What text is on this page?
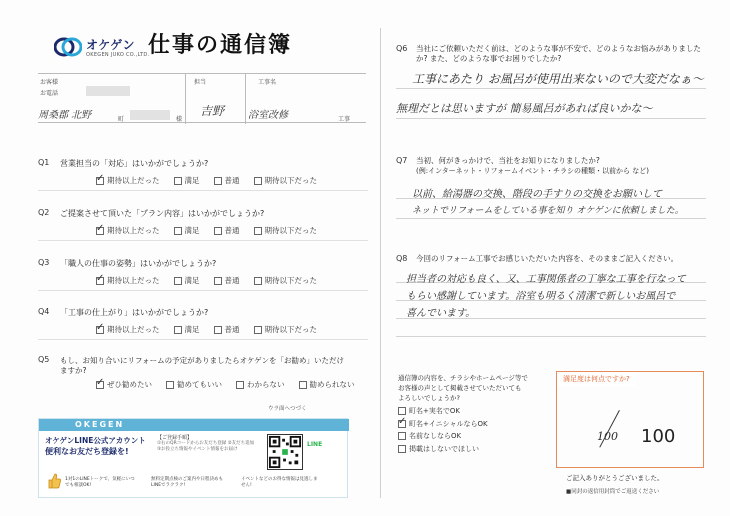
オケゲン
OKEGEN JUKO CO.,LTD.
仕事の通信簿
お客様
お電話
周桑郡 北野	町	様
担当
吉野
工事名
浴室改修	工事
Q1 営業担当の「対応」はいかがでしょうか?
✓
期待以上だった	満足	普通	期待以下だった
Q2 ご提案させて頂いた「プラン内容」はいかがでしょうか?
✓
期待以上だった	満足	普通	期待以下だった
Q3 「職人の仕事の姿勢」はいかがでしょうか?
✓
期待以上だった	満足	普通	期待以下だった
Q4 「工事の仕上がり」はいかがでしょうか?
✓
期待以上だった	満足	普通	期待以下だった
Q5 もし、お知り合いにリフォームの予定がありましたらオケゲンを「お勧め」いただけ
ますか?
✓
ぜひ勧めたい	勧めてもいい	わからない	勧められない
ウラ面へつづく
OKEGEN
オケゲンLINE公式アカウント
便利なお友だち登録を!
【ご登録手順】
①右のQRコードからお友だち登録 ②友だち追加 ③お役立ち情報やイベント情報をお届け
LINE
1対1のLINEトークで、気軽にいつでも相談OK!
無料定期点検のご案内や日程決めもLINEでラクラク!
イベントなどのお得な情報は見逃しません!
Q6 当社にご依頼いただく前は、どのような事が不安で、どのようなお悩みがありましたか? また、どのような事でお困りでしたか?
工事にあたり お風呂が使用出来ないので大変だなぁ〜
無理だとは思いますが 簡易風呂があれば良いかな〜
Q7 当初、何がきっかけで、当社をお知りになりましたか?
(例:インターネット・リフォームイベント・チラシの種類・以前から など)
以前、給湯器の交換、階段の手すりの交換をお願いして
ネットでリフォームをしている事を知り オケゲンに依頼しました。
Q8 今回のリフォーム工事でお感じいただいた内容を、そのままご記入ください。
担当者の対応も良く、又、工事関係者の丁寧な工事を行なって
もらい感謝しています。浴室も明るく清潔で新しいお風呂で
喜んでいます。
通信簿の内容を、チラシやホームページ等で
お客様の声として掲載させていただいても
よろしいでしょうか?
町名+実名でOK
✓
町名+イニシャルならOK
名前なしならOK
掲載はしないでほしい
満足度は何点ですか?
100 100
ご記入ありがとうございました。
■同封の返信用封筒でご返送ください
